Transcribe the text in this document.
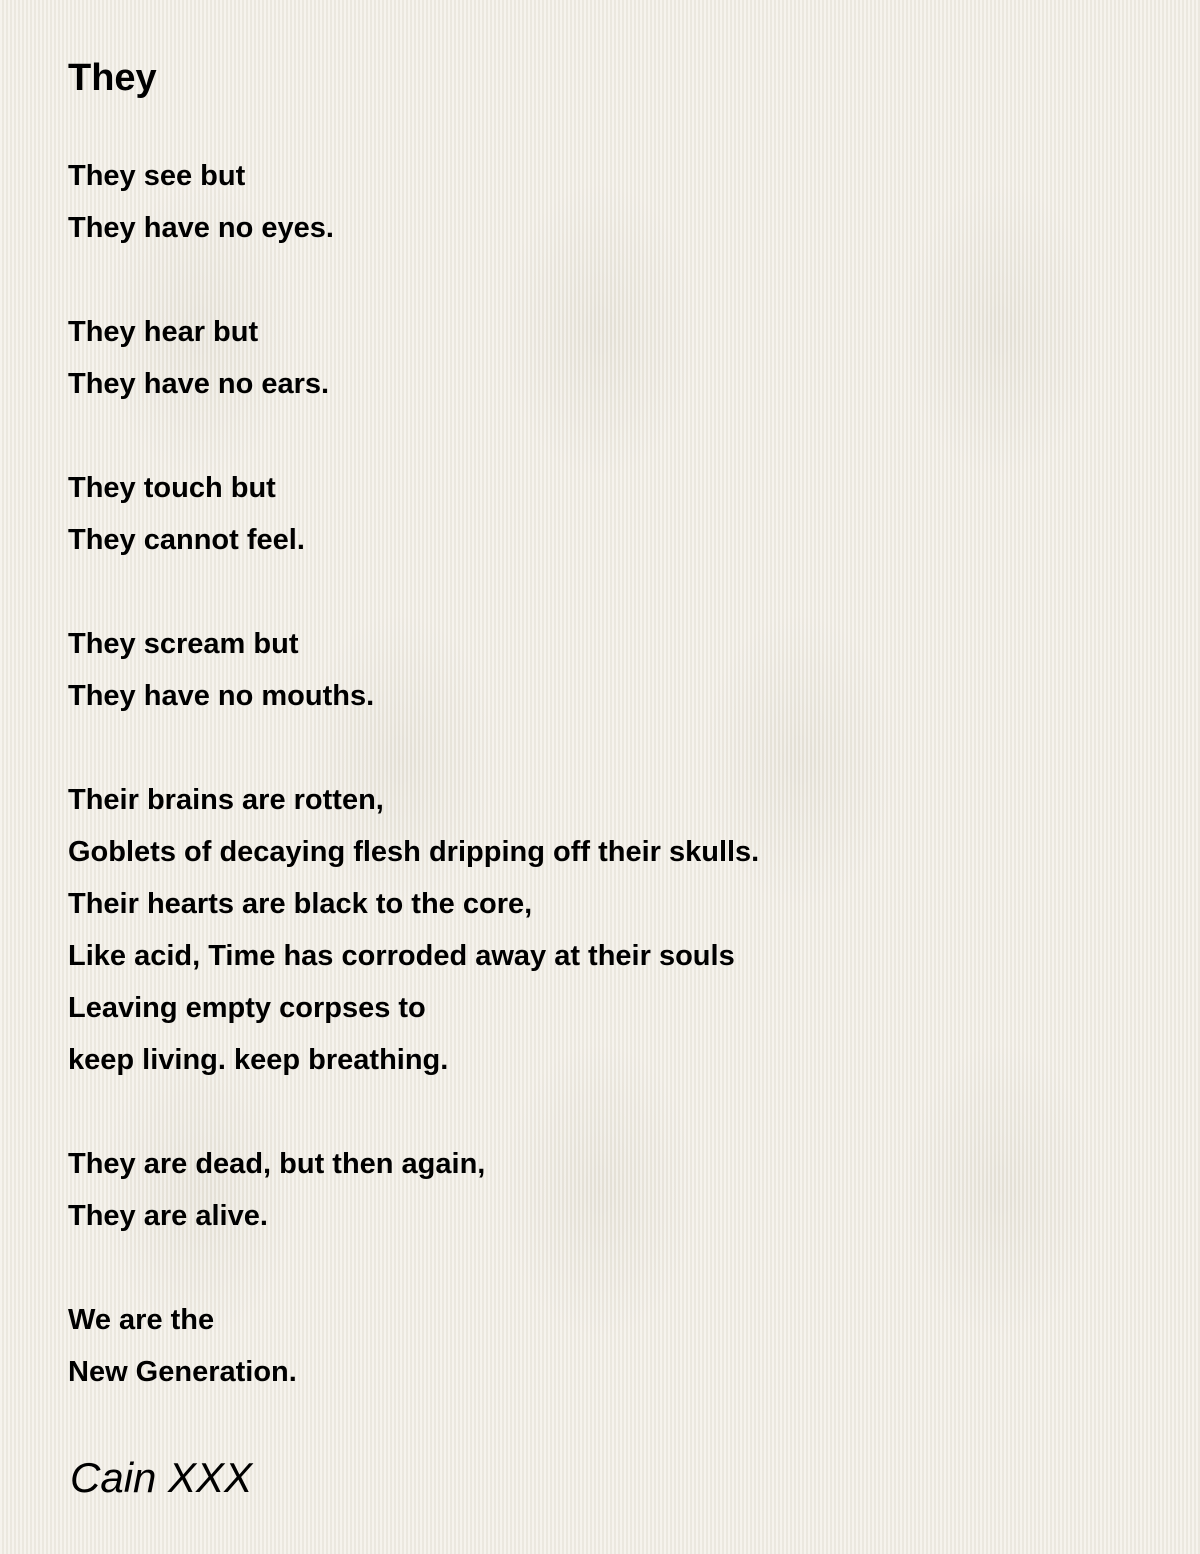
They
They see but
They have no eyes.
They hear but
They have no ears.
They touch but
They cannot feel.
They scream but
They have no mouths.
Their brains are rotten,
Goblets of decaying flesh dripping off their skulls.
Their hearts are black to the core,
Like acid, Time has corroded away at their souls
Leaving empty corpses to
keep living. keep breathing.
They are dead, but then again,
They are alive.
We are the
New Generation.

Cain XXX
